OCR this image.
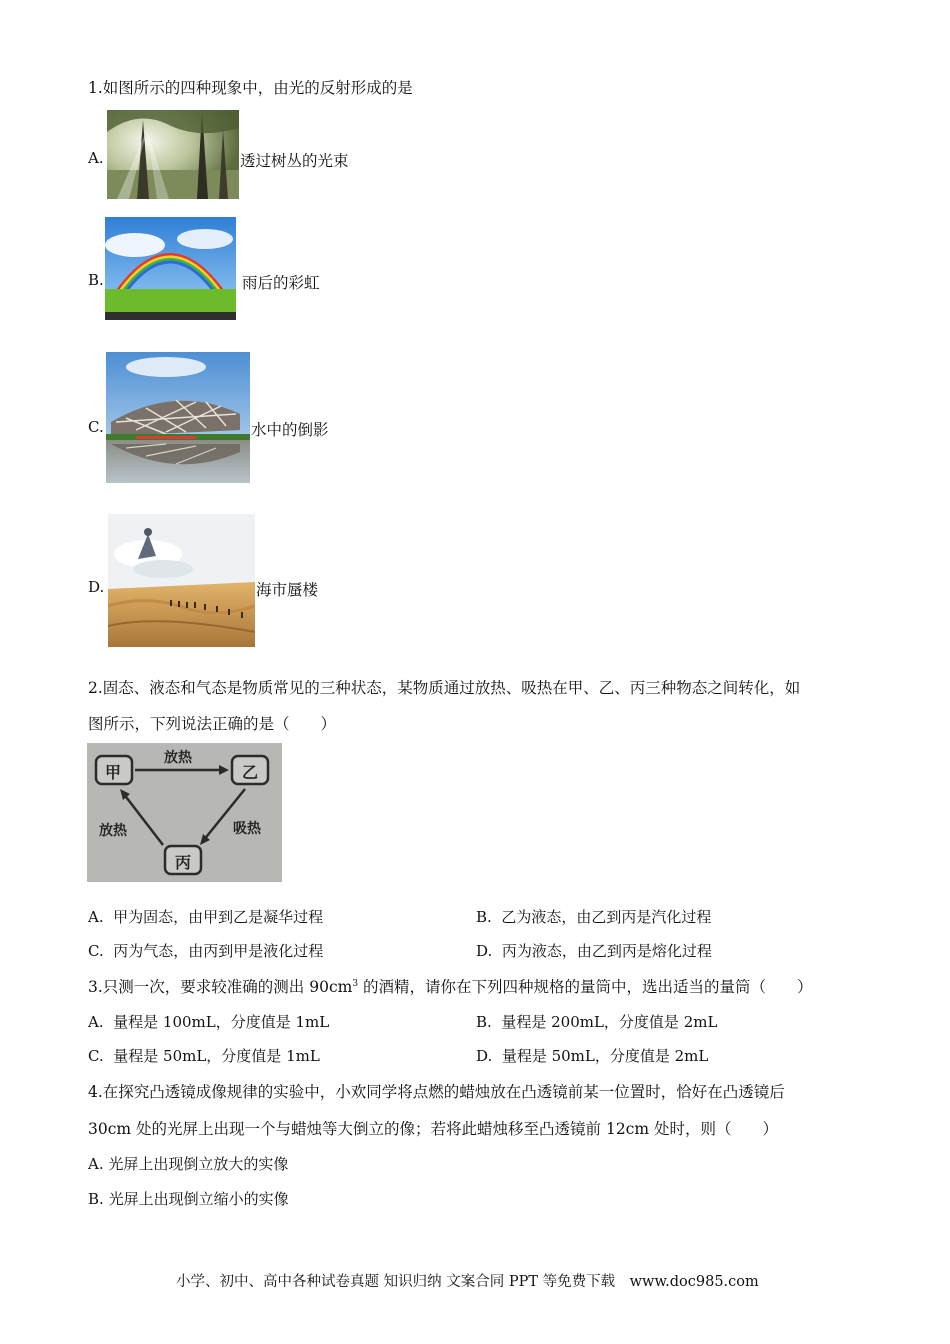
1.如图所示的四种现象中，由光的反射形成的是
A.	透过树丛的光束
B.	雨后的彩虹
C.	水中的倒影
D.	海市蜃楼
2.固态、液态和气态是物质常见的三种状态，某物质通过放热、吸热在甲、乙、丙三种物态之间转化，如
图所示，下列说法正确的是（　　）
甲	乙
丙
放热
吸热
放热
A. 甲为固态，由甲到乙是凝华过程	B. 乙为液态，由乙到丙是汽化过程
C. 丙为气态，由丙到甲是液化过程	D. 丙为液态，由乙到丙是熔化过程
3.只测一次，要求较准确的测出 $90cm^3$ 的酒精，请你在下列四种规格的量筒中，选出适当的量筒（　　）
A. 量程是 100mL，分度值是 1mL	B. 量程是 200mL，分度值是 2mL
C. 量程是 50mL，分度值是 1mL	D. 量程是 50mL，分度值是 2mL
4.在探究凸透镜成像规律的实验中，小欢同学将点燃的蜡烛放在凸透镜前某一位置时，恰好在凸透镜后
30cm 处的光屏上出现一个与蜡烛等大倒立的像；若将此蜡烛移至凸透镜前 12cm 处时，则（　　）
A. 光屏上出现倒立放大的实像
B. 光屏上出现倒立缩小的实像
小学、初中、高中各种试卷真题 知识归纳 文案合同 PPT 等免费下载　www.doc985.com
